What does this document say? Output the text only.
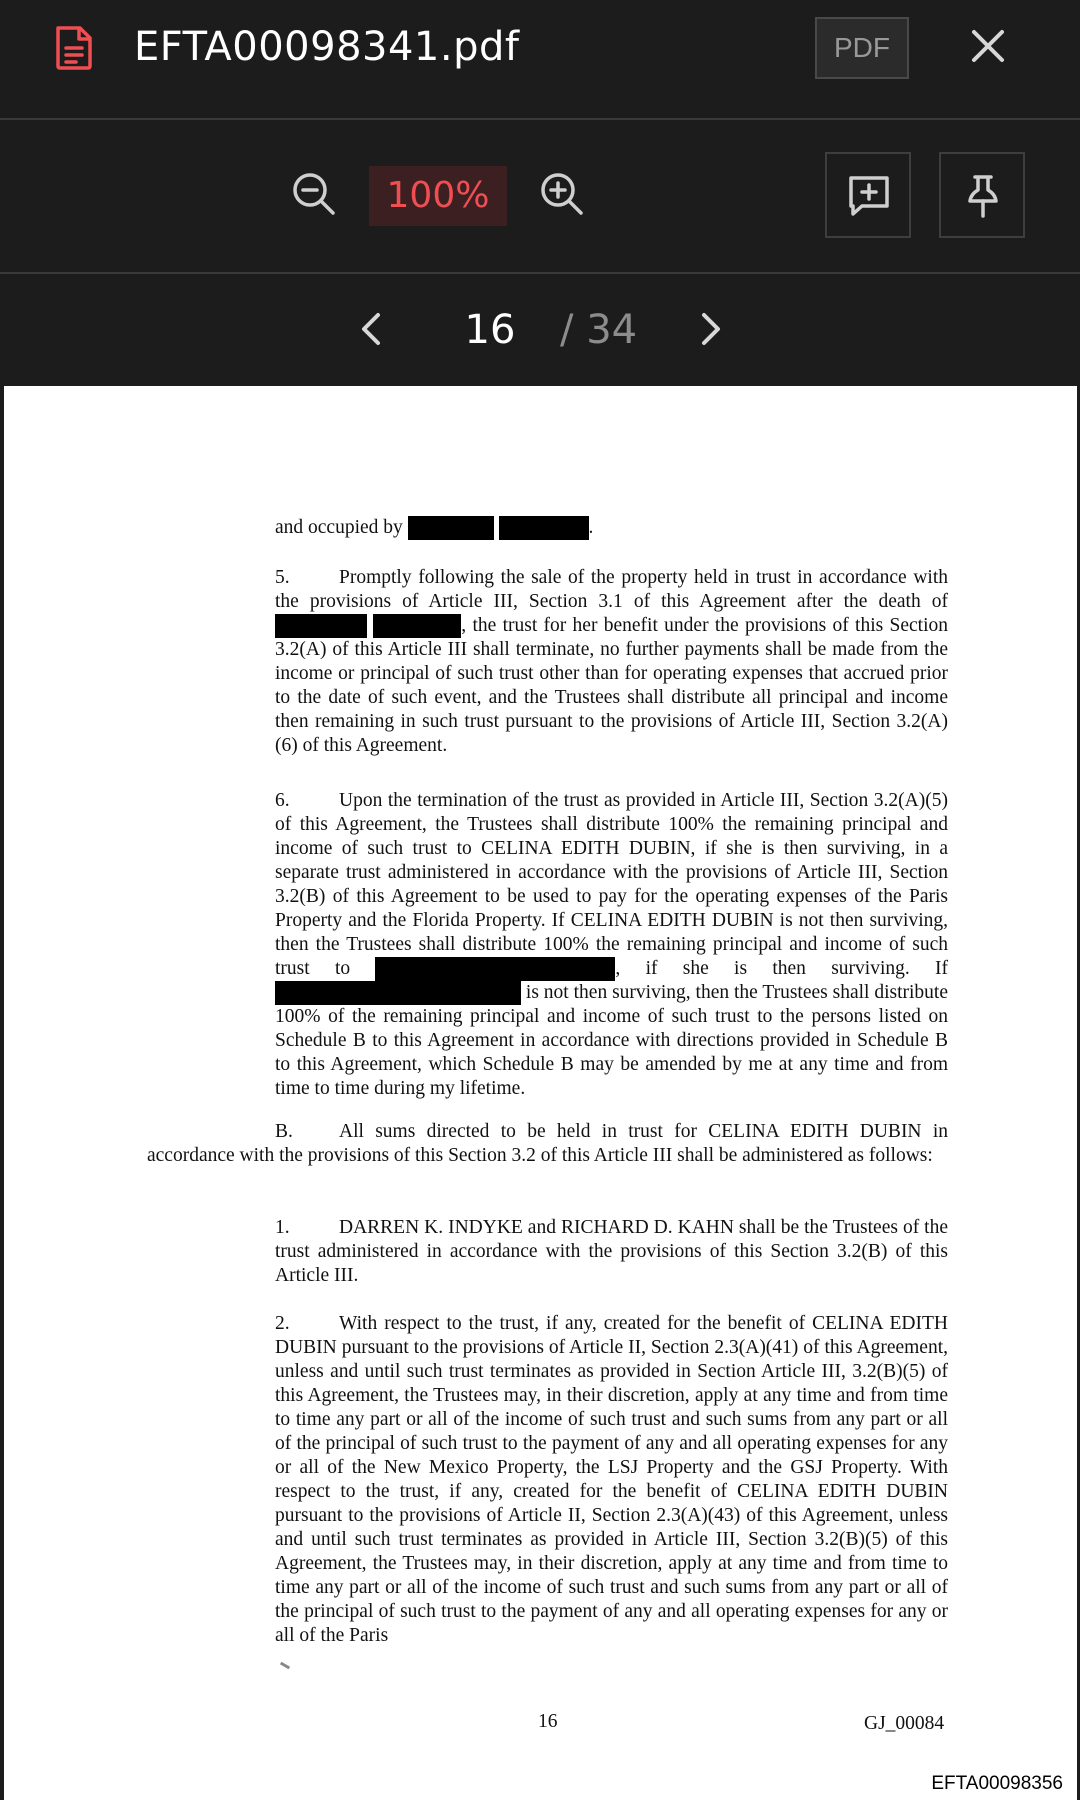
EFTA00098341.pdf	PDF
100%
16	/ 34
and occupied by	.

5.	Promptly following the sale of the property held in trust in accordance with the provisions of Article III, Section 3.1 of this Agreement after the death of  , the trust for her benefit under the provisions of this Section 3.2(A) of this Article III shall terminate, no further payments shall be made from the income or principal of such trust other than for operating expenses that accrued prior to the date of such event, and the Trustees shall distribute all principal and income then remaining in such trust pursuant to the provisions of Article III, Section 3.2(A)(6) of this Agreement.

6.	Upon the termination of the trust as provided in Article III, Section 3.2(A)(5) of this Agreement, the Trustees shall distribute 100% the remaining principal and income of such trust to CELINA EDITH DUBIN, if she is then surviving, in a separate trust administered in accordance with the provisions of Article III, Section 3.2(B) of this Agreement to be used to pay for the operating expenses of the Paris Property and the Florida Property. If CELINA EDITH DUBIN is not then surviving, then the Trustees shall distribute 100% the remaining principal and income of such trust to	, if she is then surviving. If is not then surviving, then the Trustees shall distribute 100% of the remaining principal and income of such trust to the persons listed on Schedule B to this Agreement in accordance with directions provided in Schedule B to this Agreement, which Schedule B may be amended by me at any time and from time to time during my lifetime.

B. All sums directed to be held in trust for CELINA EDITH DUBIN in accordance with the provisions of this Section 3.2 of this Article III shall be administered as follows:

1.	DARREN K. INDYKE and RICHARD D. KAHN shall be the Trustees of the trust administered in accordance with the provisions of this Section 3.2(B) of this Article III.

2.	With respect to the trust, if any, created for the benefit of CELINA EDITH DUBIN pursuant to the provisions of Article II, Section 2.3(A)(41) of this Agreement, unless and until such trust terminates as provided in Section Article III, 3.2(B)(5) of this Agreement, the Trustees may, in their discretion, apply at any time and from time to time any part or all of the income of such trust and such sums from any part or all of the principal of such trust to the payment of any and all operating expenses for any or all of the New Mexico Property, the LSJ Property and the GSJ Property. With respect to the trust, if any, created for the benefit of CELINA EDITH DUBIN pursuant to the provisions of Article II, Section 2.3(A)(43) of this Agreement, unless and until such trust terminates as provided in Article III, Section 3.2(B)(5) of this Agreement, the Trustees may, in their discretion, apply at any time and from time to time any part or all of the income of such trust and such sums from any part or all of the principal of such trust to the payment of any and all operating expenses for any or all of the Paris

16	GJ_00084
EFTA00098356
